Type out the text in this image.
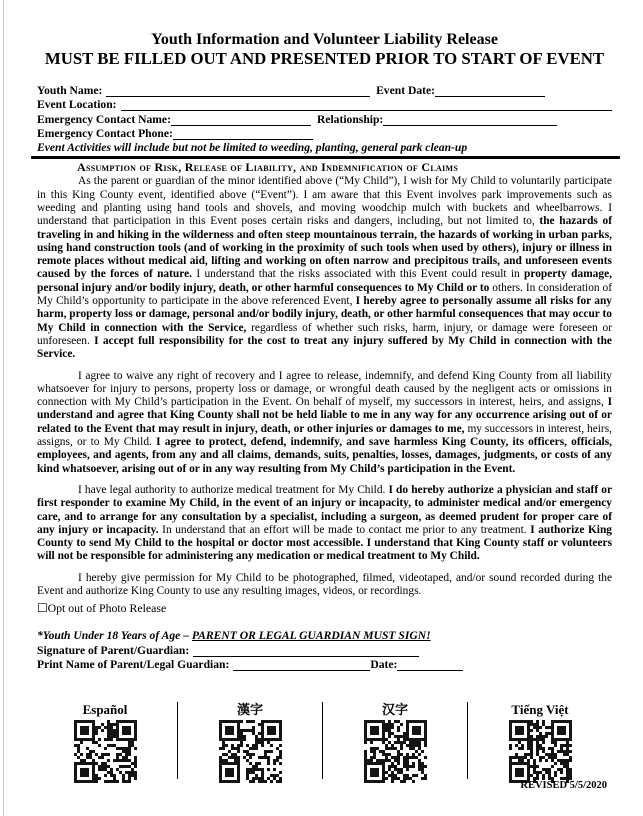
Youth Information and Volunteer Liability Release
MUST BE FILLED OUT AND PRESENTED PRIOR TO START OF EVENT
Youth Name:	Event Date:
Event Location:
Emergency Contact Name:	Relationship:
Emergency Contact Phone:
Event Activities will include but not be limited to weeding, planting, general park clean-up
Assumption of Risk, Release of Liability, and Indemnification of Claims

As the parent or guardian of the minor identified above (“My Child”), I wish for My Child to voluntarily participate in this King County event, identified above (“Event”). I am aware that this Event involves park improvements such as weeding and planting using hand tools and shovels, and moving woodchip mulch with buckets and wheelbarrows. I understand that participation in this Event poses certain risks and dangers, including, but not limited to, the hazards of traveling in and hiking in the wilderness and often steep mountainous terrain, the hazards of working in urban parks, using hand construction tools (and of working in the proximity of such tools when used by others), injury or illness in remote places without medical aid, lifting and working on often narrow and precipitous trails, and unforeseen events caused by the forces of nature. I understand that the risks associated with this Event could result in property damage, personal injury and/or bodily injury, death, or other harmful consequences to My Child or to others. In consideration of My Child’s opportunity to participate in the above referenced Event, I hereby agree to personally assume all risks for any harm, property loss or damage, personal and/or bodily injury, death, or other harmful consequences that may occur to My Child in connection with the Service, regardless of whether such risks, harm, injury, or damage were foreseen or unforeseen. I accept full responsibility for the cost to treat any injury suffered by My Child in connection with the Service.

I agree to waive any right of recovery and I agree to release, indemnify, and defend King County from all liability whatsoever for injury to persons, property loss or damage, or wrongful death caused by the negligent acts or omissions in connection with My Child’s participation in the Event. On behalf of myself, my successors in interest, heirs, and assigns, I understand and agree that King County shall not be held liable to me in any way for any occurrence arising out of or related to the Event that may result in injury, death, or other injuries or damages to me, my successors in interest, heirs, assigns, or to My Child. I agree to protect, defend, indemnify, and save harmless King County, its officers, officials, employees, and agents, from any and all claims, demands, suits, penalties, losses, damages, judgments, or costs of any kind whatsoever, arising out of or in any way resulting from My Child’s participation in the Event.

I have legal authority to authorize medical treatment for My Child. I do hereby authorize a physician and staff or first responder to examine My Child, in the event of an injury or incapacity, to administer medical and/or emergency care, and to arrange for any consultation by a specialist, including a surgeon, as deemed prudent for proper care of any injury or incapacity. In understand that an effort will be made to contact me prior to any treatment. I authorize King County to send My Child to the hospital or doctor most accessible. I understand that King County staff or volunteers will not be responsible for administering any medication or medical treatment to My Child.

I hereby give permission for My Child to be photographed, filmed, videotaped, and/or sound recorded during the Event and authorize King County to use any resulting images, videos, or recordings.

☐Opt out of Photo Release
*Youth Under 18 Years of Age – PARENT OR LEGAL GUARDIAN MUST SIGN!
Signature of Parent/Guardian:
Print Name of Parent/Legal Guardian:	Date:
Español	漢字	汉字	Tiếng Việt
REVISED 5/5/2020
